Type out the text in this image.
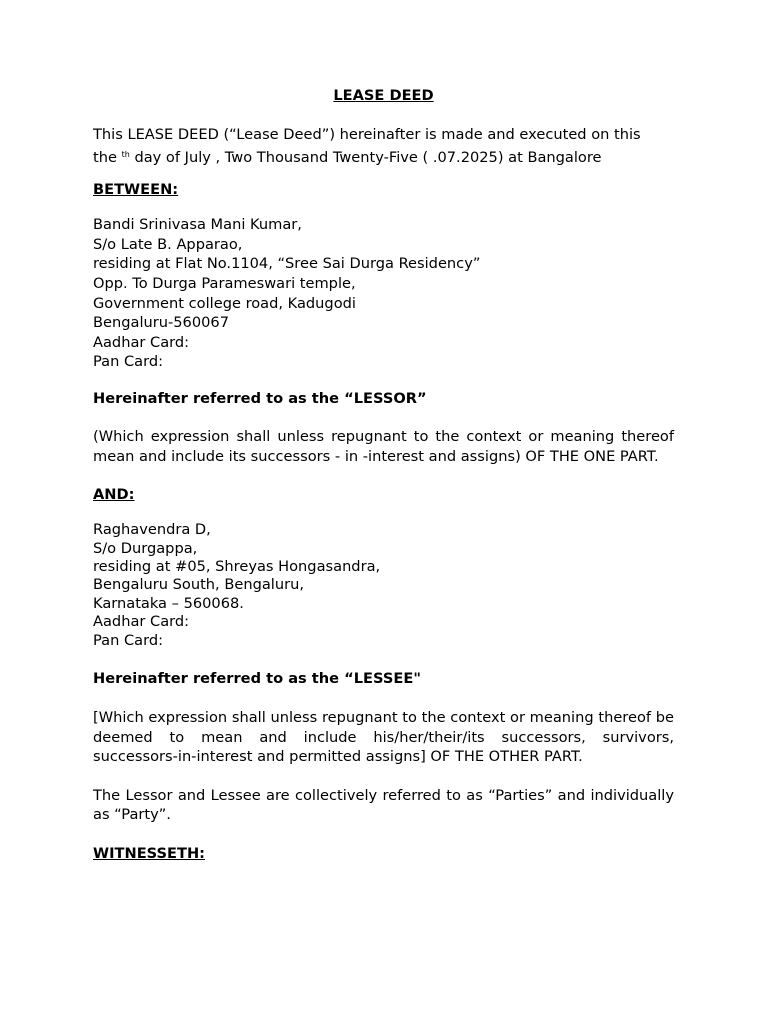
LEASE DEED

This LEASE DEED (“Lease Deed”) hereinafter is made and executed on this

the $^{th}$ day of July , Two Thousand Twenty-Five ( .07.2025) at Bangalore

BETWEEN:

Bandi Srinivasa Mani Kumar,

S/o Late B. Apparao,

residing at Flat No.1104, “Sree Sai Durga Residency”

Opp. To Durga Parameswari temple,

Government college road, Kadugodi

Bengaluru-560067

Aadhar Card:

Pan Card:

Hereinafter referred to as the “LESSOR”

(Which expression shall unless repugnant to the context or meaning thereof mean and include its successors - in -interest and assigns) OF THE ONE PART.

AND:

Raghavendra D,

S/o Durgappa,

residing at #05, Shreyas Hongasandra,

Bengaluru South, Bengaluru,

Karnataka – 560068.

Aadhar Card:

Pan Card:

Hereinafter referred to as the “LESSEE"

[Which expression shall unless repugnant to the context or meaning thereof be deemed to mean and include his/her/their/its successors, survivors, successors-in-interest and permitted assigns] OF THE OTHER PART.

The Lessor and Lessee are collectively referred to as “Parties” and individually as “Party”.

WITNESSETH:
